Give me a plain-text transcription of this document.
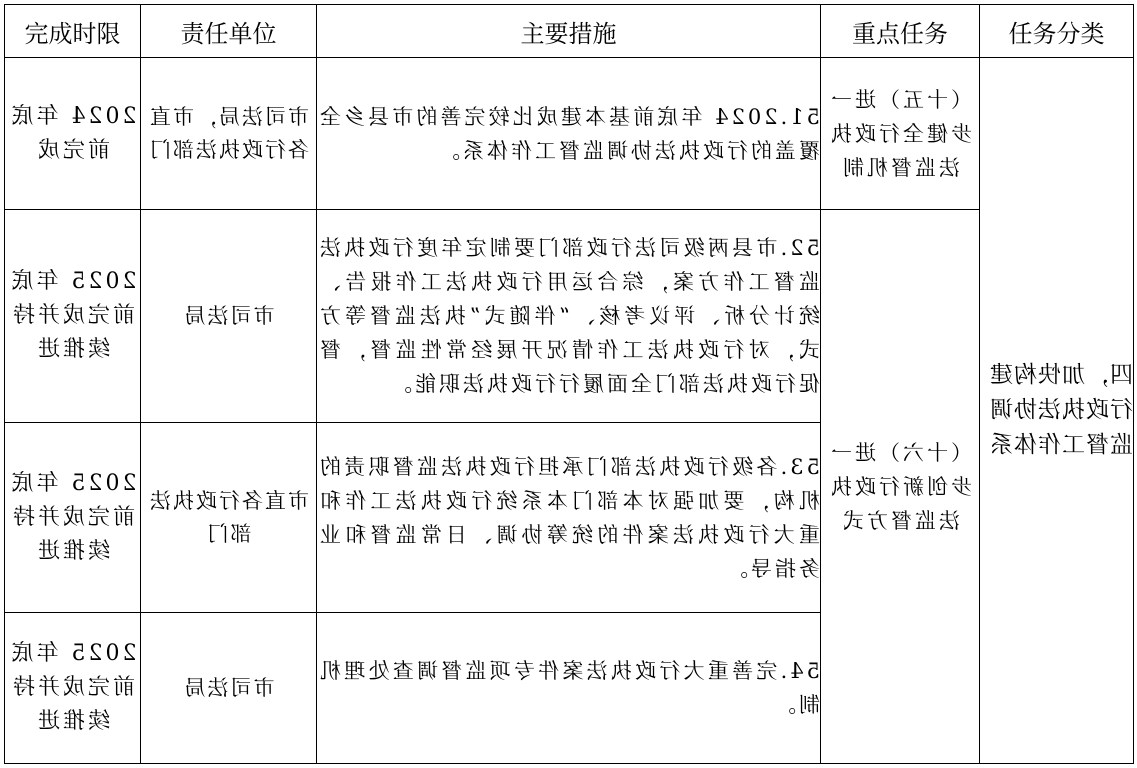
完成时限	责任单位	主要措施	重点任务	任务分类

2024 年底前完成	市司法局，市直各行政执法部门	51.2024 年底前基本建成比较完善的市县乡全覆盖的行政执法协调监督工作体系。	（十五）进一步健全行政执法监督机制	四，加快构建行政执法协调监督工作体系

2025 年底前完成并持续推进	市司法局	52.市县两级司法行政部门要制定年度行政执法监督工作方案，综合运用行政执法工作报告、统计分析、评议考核、“伴随式”执法监督等方式，对行政执法工作情况开展经常性监督，督促行政执法部门全面履行行政执法职能。	（十六）进一步创新行政执法监督方式	

2025 年底前完成并持续推进	市直各行政执法部门	53.各级行政执法部门承担行政执法监督职责的机构，要加强对本部门本系统行政执法工作和重大行政执法案件的统筹协调、日常监督和业务指导。		

2025 年底前完成并持续推进	市司法局	54.完善重大行政执法案件专项监督调查处理机制。		
